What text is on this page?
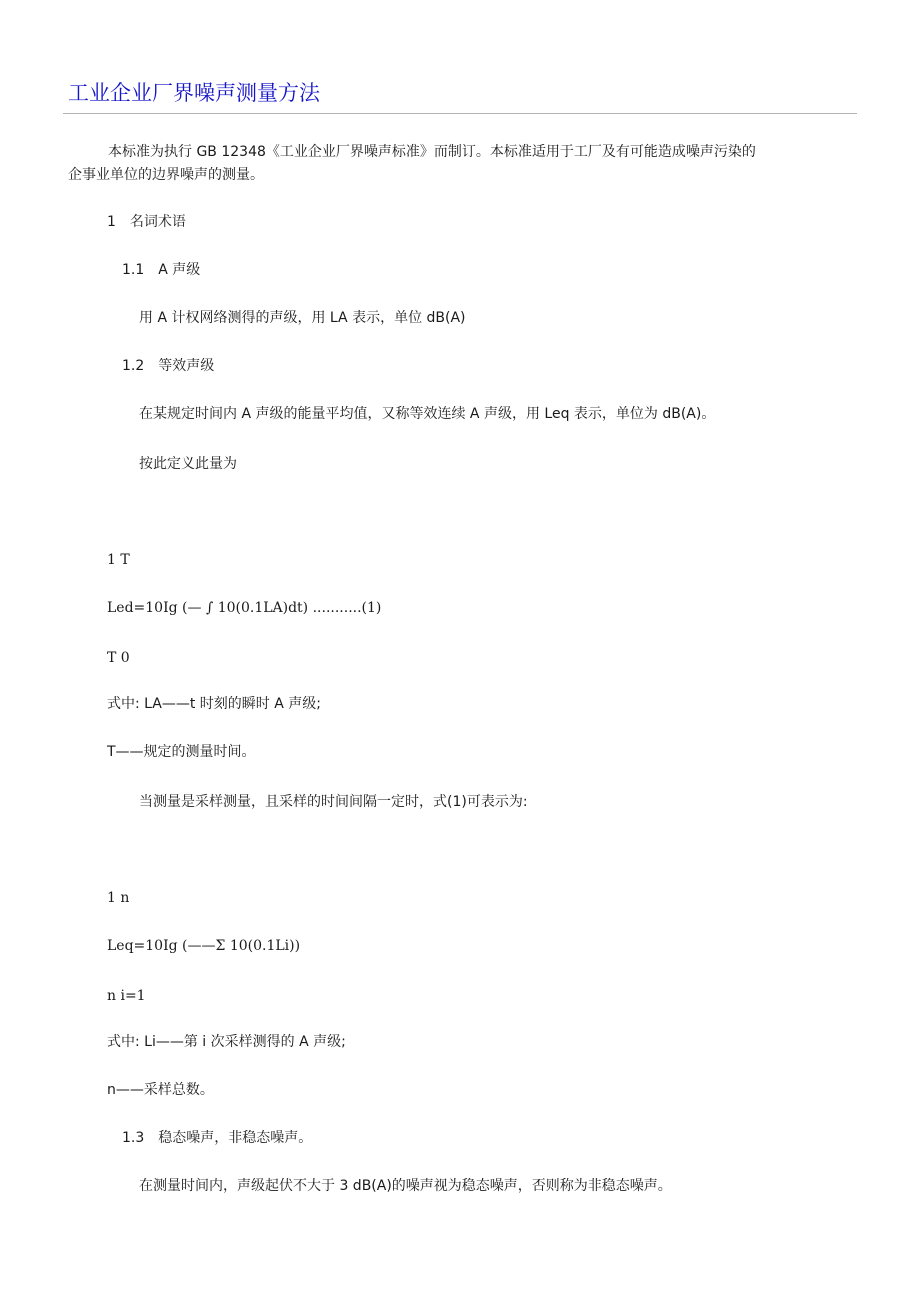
工业企业厂界噪声测量方法

本标准为执行 GB 12348《工业企业厂界噪声标准》而制订。本标准适用于工厂及有可能造成噪声污染的

企事业单位的边界噪声的测量。

1　名词术语
1.1　A 声级
用 A 计权网络测得的声级，用 LA 表示，单位 dB(A)
1.2　等效声级
在某规定时间内 A 声级的能量平均值，又称等效连续 A 声级，用 Leq 表示，单位为 dB(A)。
按此定义此量为
1 T
Led=10Ig (— ∫ 10(0.1LA)dt) ...........(1)
T 0
式中: LA——t 时刻的瞬时 A 声级;
T——规定的测量时间。
当测量是采样测量，且采样的时间间隔一定时，式(1)可表示为:
1 n
Leq=10Ig (——Σ 10(0.1Li))
n i=1
式中: Li——第 i 次采样测得的 A 声级;
n——采样总数。
1.3　稳态噪声，非稳态噪声。
在测量时间内，声级起伏不大于 3 dB(A)的噪声视为稳态噪声，否则称为非稳态噪声。
